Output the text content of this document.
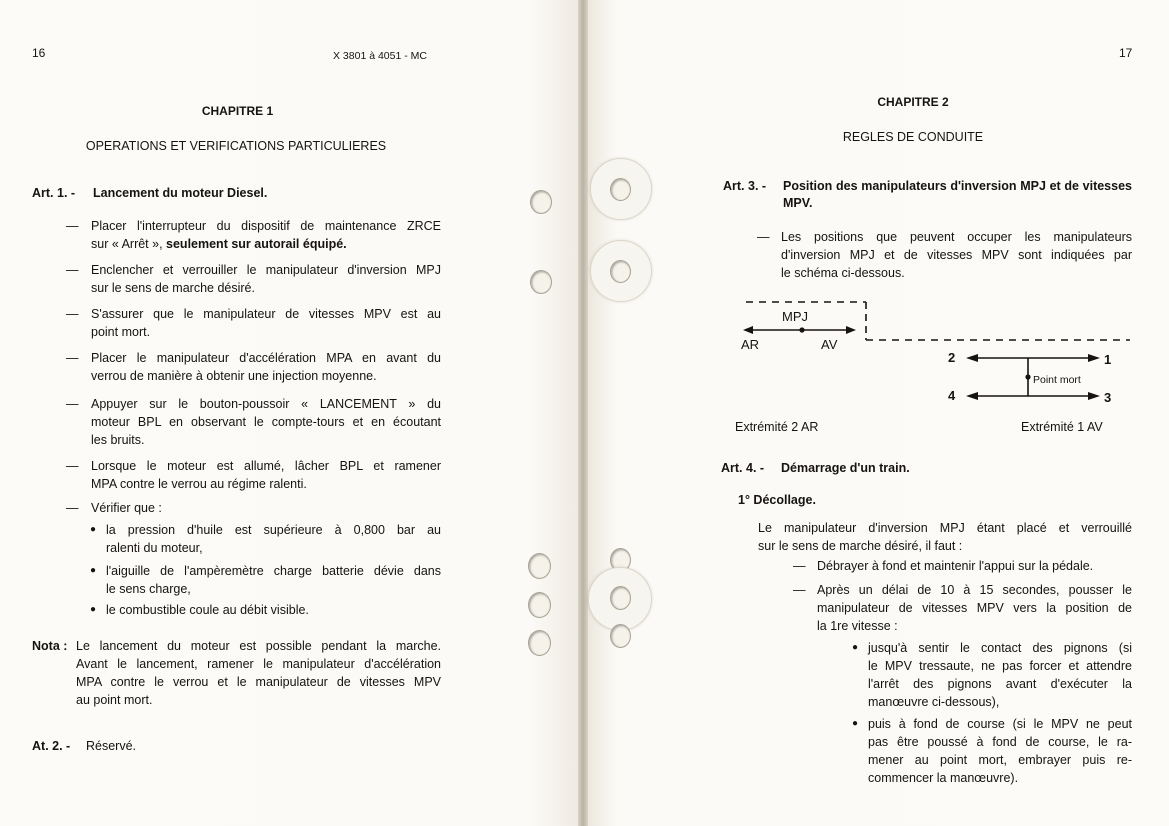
16	X 3801 à 4051 - MC
CHAPITRE 1
OPERATIONS ET VERIFICATIONS PARTICULIERES
Art. 1. - Lancement du moteur Diesel.
— Placer l'interrupteur du dispositif de maintenance ZRCE
sur « Arrêt », seulement sur autorail équipé.
— Enclencher et verrouiller le manipulateur d'inversion MPJ
sur le sens de marche désiré.
— S'assurer que le manipulateur de vitesses MPV est au
point mort.
— Placer le manipulateur d'accélération MPA en avant du
verrou de manière à obtenir une injection moyenne.
— Appuyer sur le bouton-poussoir « LANCEMENT » du
moteur BPL en observant le compte-tours et en écoutant
les bruits.
— Lorsque le moteur est allumé, lâcher BPL et ramener
MPA contre le verrou au régime ralenti.
— Vérifier que :
● la pression d'huile est supérieure à 0,800 bar au
ralenti du moteur,
● l'aiguille de l'ampèremètre charge batterie dévie dans
le sens charge,
● le combustible coule au débit visible.
Nota : Le lancement du moteur est possible pendant la marche.
Avant le lancement, ramener le manipulateur d'accélération
MPA contre le verrou et le manipulateur de vitesses MPV
au point mort.
At. 2. - Réservé.
17
CHAPITRE 2
REGLES DE CONDUITE
Art. 3. - Position des manipulateurs d'inversion MPJ et de vitesses
MPV.
— Les positions que peuvent occuper les manipulateurs
d'inversion MPJ et de vitesses MPV sont indiquées par
le schéma ci-dessous.
MPJ
AR	AV
2	1
4	3
Point mort
Extrémité 2 AR	Extrémité 1 AV
Art. 4. - Démarrage d'un train.
1° Décollage.
Le manipulateur d'inversion MPJ étant placé et verrouillé
sur le sens de marche désiré, il faut :
— Débrayer à fond et maintenir l'appui sur la pédale.
— Après un délai de 10 à 15 secondes, pousser le
manipulateur de vitesses MPV vers la position de
la 1re vitesse :
● jusqu'à sentir le contact des pignons (si
le MPV tressaute, ne pas forcer et attendre
l'arrêt des pignons avant d'exécuter la
manœuvre ci-dessous),
● puis à fond de course (si le MPV ne peut
pas être poussé à fond de course, le ra-
mener au point mort, embrayer puis re-
commencer la manœuvre).
